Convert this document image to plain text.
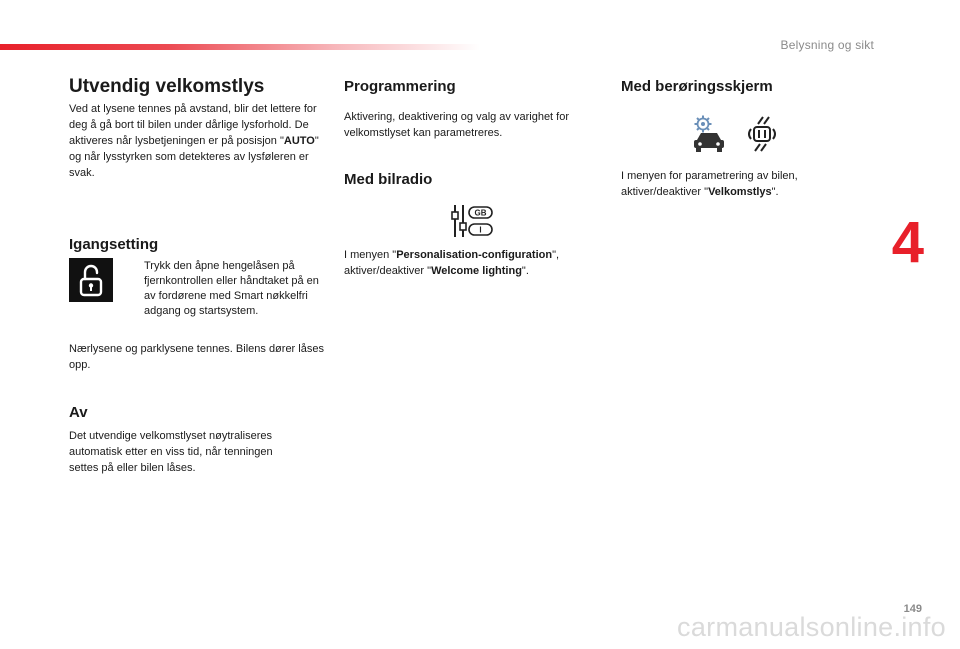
Belysning og sikt
4
Utvendig velkomstlys

Ved at lysene tennes på avstand, blir det lettere for deg å gå bort til bilen under dårlige lysforhold. De aktiveres når lysbetjeningen er på posisjon "AUTO" og når lysstyrken som detekteres av lysføleren er svak.

Igangsetting
Trykk den åpne hengelåsen på fjernkontrollen eller håndtaket på en av fordørene med Smart nøkkelfri adgang og startsystem.

Nærlysene og parklysene tennes. Bilens dører låses opp.

Av

Det utvendige velkomstlyset nøytraliseres automatisk etter en viss tid, når tenningen settes på eller bilen låses.

Programmering

Aktivering, deaktivering og valg av varighet for velkomstlyset kan parametreres.

Med bilradio
GB
I

I menyen "Personalisation-configuration", aktiver/deaktiver "Welcome lighting".

Med berøringsskjerm

I menyen for parametrering av bilen, aktiver/deaktiver "Velkomstlys".

149
carmanualsonline.info
